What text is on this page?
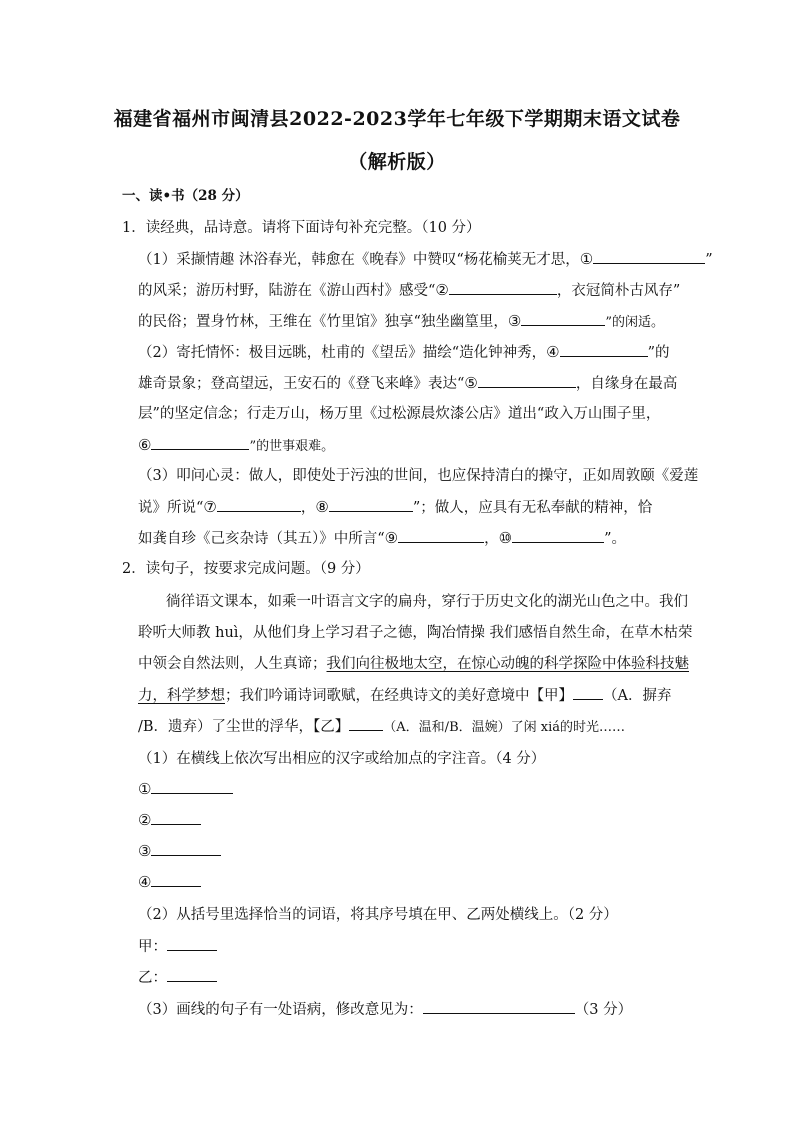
福建省福州市闽清县2022-2023学年七年级下学期期末语文试卷
（解析版）
一、读•书（28 分）
1．读经典，品诗意。请将下面诗句补充完整。（10 分）
（1）采撷情趣 沐浴春光，韩愈在《晚春》中赞叹“杨花榆荚无才思，①	”
的风采；游历村野，陆游在《游山西村》感受“②	，衣冠简朴古风存”
的民俗；置身竹林，王维在《竹里馆》独享“独坐幽篁里，③	”的闲适。
（2）寄托情怀：极目远眺，杜甫的《望岳》描绘“造化钟神秀，④	”的
雄奇景象；登高望远，王安石的《登飞来峰》表达“⑤	，自缘身在最高
层”的坚定信念；行走万山，杨万里《过松源晨炊漆公店》道出“政入万山围子里，
⑥	”的世事艰难。
（3）叩问心灵：做人，即使处于污浊的世间，也应保持清白的操守，正如周敦颐《爱莲
说》所说“⑦	，⑧	”；做人，应具有无私奉献的精神，恰
如龚自珍《己亥杂诗（其五）》中所言“⑨	，⑩	”。
2．读句子，按要求完成问题。（9 分）
徜徉语文课本，如乘一叶语言文字的扁舟，穿行于历史文化的湖光山色之中。我们
聆听大师教 huì，从他们身上学习君子之德，陶冶情操 我们感悟自然生命，在草木枯荣
中领会自然法则，人生真谛；我们向往极地太空，在惊心动魄的科学探险中体验科技魅
力，科学梦想；我们吟诵诗词歌赋，在经典诗文的美好意境中【甲】 （A．摒弃
/B．遗弃）了尘世的浮华，【乙】	（A．温和/B．温婉）了闲 xiá的时光……
（1）在横线上依次写出相应的汉字或给加点的字注音。（4 分）
①
②
③
④
（2）从括号里选择恰当的词语，将其序号填在甲、乙两处横线上。（2 分）
甲：
乙：
（3）画线的句子有一处语病，修改意见为：	（3 分）
